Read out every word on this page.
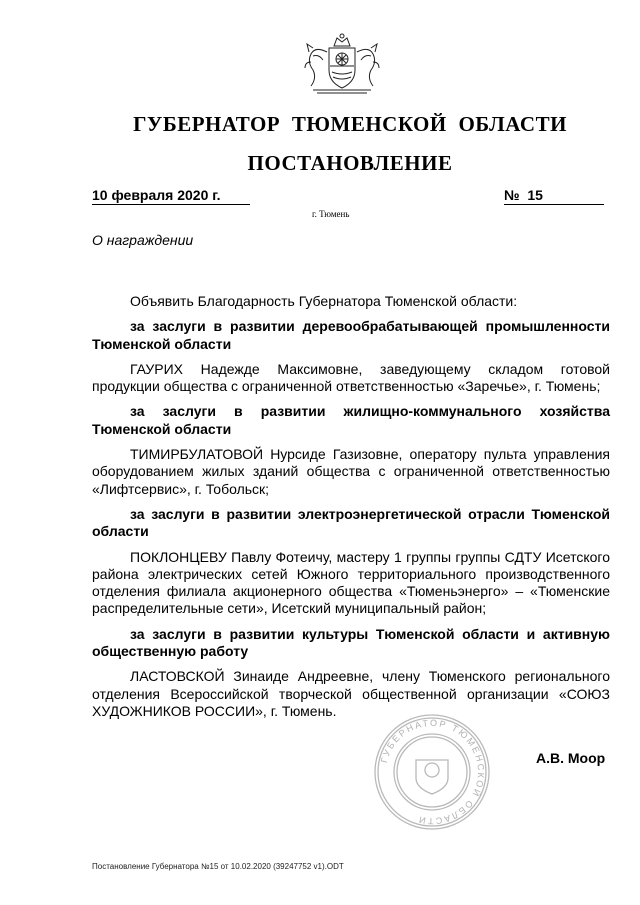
ГУБЕРНАТОР ТЮМЕНСКОЙ ОБЛАСТИ
ПОСТАНОВЛЕНИЕ
10 февраля 2020 г.	№ 15
г. Тюмень
О награждении

Объявить Благодарность Губернатора Тюменской области:

за заслуги в развитии деревообрабатывающей промышленности Тюменской области

ГАУРИХ Надежде Максимовне, заведующему складом готовой продукции общества с ограниченной ответственностью «Заречье», г. Тюмень;

за заслуги в развитии жилищно-коммунального хозяйства Тюменской области

ТИМИРБУЛАТОВОЙ Нурсиде Газизовне, оператору пульта управления оборудованием жилых зданий общества с ограниченной ответственностью «Лифтсервис», г. Тобольск;

за заслуги в развитии электроэнергетической отрасли Тюменской области

ПОКЛОНЦЕВУ Павлу Фотеичу, мастеру 1 группы группы СДТУ Исетского района электрических сетей Южного территориального производственного отделения филиала акционерного общества «Тюменьэнерго» – «Тюменские распределительные сети», Исетский муниципальный район;

за заслуги в развитии культуры Тюменской области и активную общественную работу

ЛАСТОВСКОЙ Зинаиде Андреевне, члену Тюменского регионального отделения Всероссийской творческой общественной организации «СОЮЗ ХУДОЖНИКОВ РОССИИ», г. Тюмень.

ГУБЕРНАТОР ТЮМЕНСКОЙ ОБЛАСТИ
А.В. Моор
Постановление Губернатора №15 от 10.02.2020 (39247752 v1).ODT
